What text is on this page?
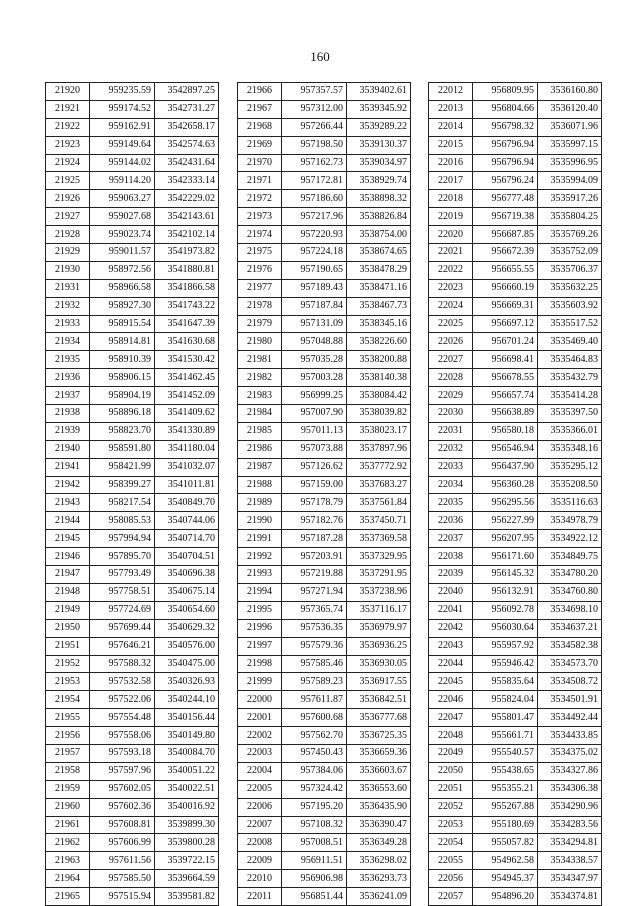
160
21920	959235.59	3542897.25
21921	959174.52	3542731.27
21922	959162.91	3542658.17
21923	959149.64	3542574.63
21924	959144.02	3542431.64
21925	959114.20	3542333.14
21926	959063.27	3542229.02
21927	959027.68	3542143.61
21928	959023.74	3542102.14
21929	959011.57	3541973.82
21930	958972.56	3541880.81
21931	958966.58	3541866.58
21932	958927.30	3541743.22
21933	958915.54	3541647.39
21934	958914.81	3541630.68
21935	958910.39	3541530.42
21936	958906.15	3541462.45
21937	958904.19	3541452.09
21938	958896.18	3541409.62
21939	958823.70	3541330.89
21940	958591.80	3541180.04
21941	958421.99	3541032.07
21942	958399.27	3541011.81
21943	958217.54	3540849.70
21944	958085.53	3540744.06
21945	957994.94	3540714.70
21946	957895.70	3540704.51
21947	957793.49	3540696.38
21948	957758.51	3540675.14
21949	957724.69	3540654.60
21950	957699.44	3540629.32
21951	957646.21	3540576.00
21952	957588.32	3540475.00
21953	957532.58	3540326.93
21954	957522.06	3540244.10
21955	957554.48	3540156.44
21956	957558.06	3540149.80
21957	957593.18	3540084.70
21958	957597.96	3540051.22
21959	957602.05	3540022.51
21960	957602.36	3540016.92
21961	957608.81	3539899.30
21962	957606.99	3539800.28
21963	957611.56	3539722.15
21964	957585.50	3539664.59
21965	957515.94	3539581.82
21966	957357.57	3539402.61
21967	957312.00	3539345.92
21968	957266.44	3539289.22
21969	957198.50	3539130.37
21970	957162.73	3539034.97
21971	957172.81	3538929.74
21972	957186.60	3538898.32
21973	957217.96	3538826.84
21974	957220.93	3538754.00
21975	957224.18	3538674.65
21976	957190.65	3538478.29
21977	957189.43	3538471.16
21978	957187.84	3538467.73
21979	957131.09	3538345.16
21980	957048.88	3538226.60
21981	957035.28	3538200.88
21982	957003.28	3538140.38
21983	956999.25	3538084.42
21984	957007.90	3538039.82
21985	957011.13	3538023.17
21986	957073.88	3537897.96
21987	957126.62	3537772.92
21988	957159.00	3537683.27
21989	957178.79	3537561.84
21990	957182.76	3537450.71
21991	957187.28	3537369.58
21992	957203.91	3537329.95
21993	957219.88	3537291.95
21994	957271.94	3537238.96
21995	957365.74	3537116.17
21996	957536.35	3536979.97
21997	957579.36	3536936.25
21998	957585.46	3536930.05
21999	957589.23	3536917.55
22000	957611.87	3536842.51
22001	957600.68	3536777.68
22002	957562.70	3536725.35
22003	957450.43	3536659.36
22004	957384.06	3536603.67
22005	957324.42	3536553.60
22006	957195.20	3536435.90
22007	957108.32	3536390.47
22008	957008.51	3536349.28
22009	956911.51	3536298.02
22010	956906.98	3536293.73
22011	956851.44	3536241.09
22012	956809.95	3536160.80
22013	956804.66	3536120.40
22014	956798.32	3536071.96
22015	956796.94	3535997.15
22016	956796.94	3535996.95
22017	956796.24	3535994.09
22018	956777.48	3535917.26
22019	956719.38	3535804.25
22020	956687.85	3535769.26
22021	956672.39	3535752.09
22022	956655.55	3535706.37
22023	956660.19	3535632.25
22024	956669.31	3535603.92
22025	956697.12	3535517.52
22026	956701.24	3535469.40
22027	956698.41	3535464.83
22028	956678.55	3535432.79
22029	956657.74	3535414.28
22030	956638.89	3535397.50
22031	956580.18	3535366.01
22032	956546.94	3535348.16
22033	956437.90	3535295.12
22034	956360.28	3535208.50
22035	956295.56	3535116.63
22036	956227.99	3534978.79
22037	956207.95	3534922.12
22038	956171.60	3534849.75
22039	956145.32	3534780.20
22040	956132.91	3534760.80
22041	956092.78	3534698.10
22042	956030.64	3534637.21
22043	955957.92	3534582.38
22044	955946.42	3534573.70
22045	955835.64	3534508.72
22046	955824.04	3534501.91
22047	955801.47	3534492.44
22048	955661.71	3534433.85
22049	955540.57	3534375.02
22050	955438.65	3534327.86
22051	955355.21	3534306.38
22052	955267.88	3534290.96
22053	955180.69	3534283.56
22054	955057.82	3534294.81
22055	954962.58	3534338.57
22056	954945.37	3534347.97
22057	954896.20	3534374.81
